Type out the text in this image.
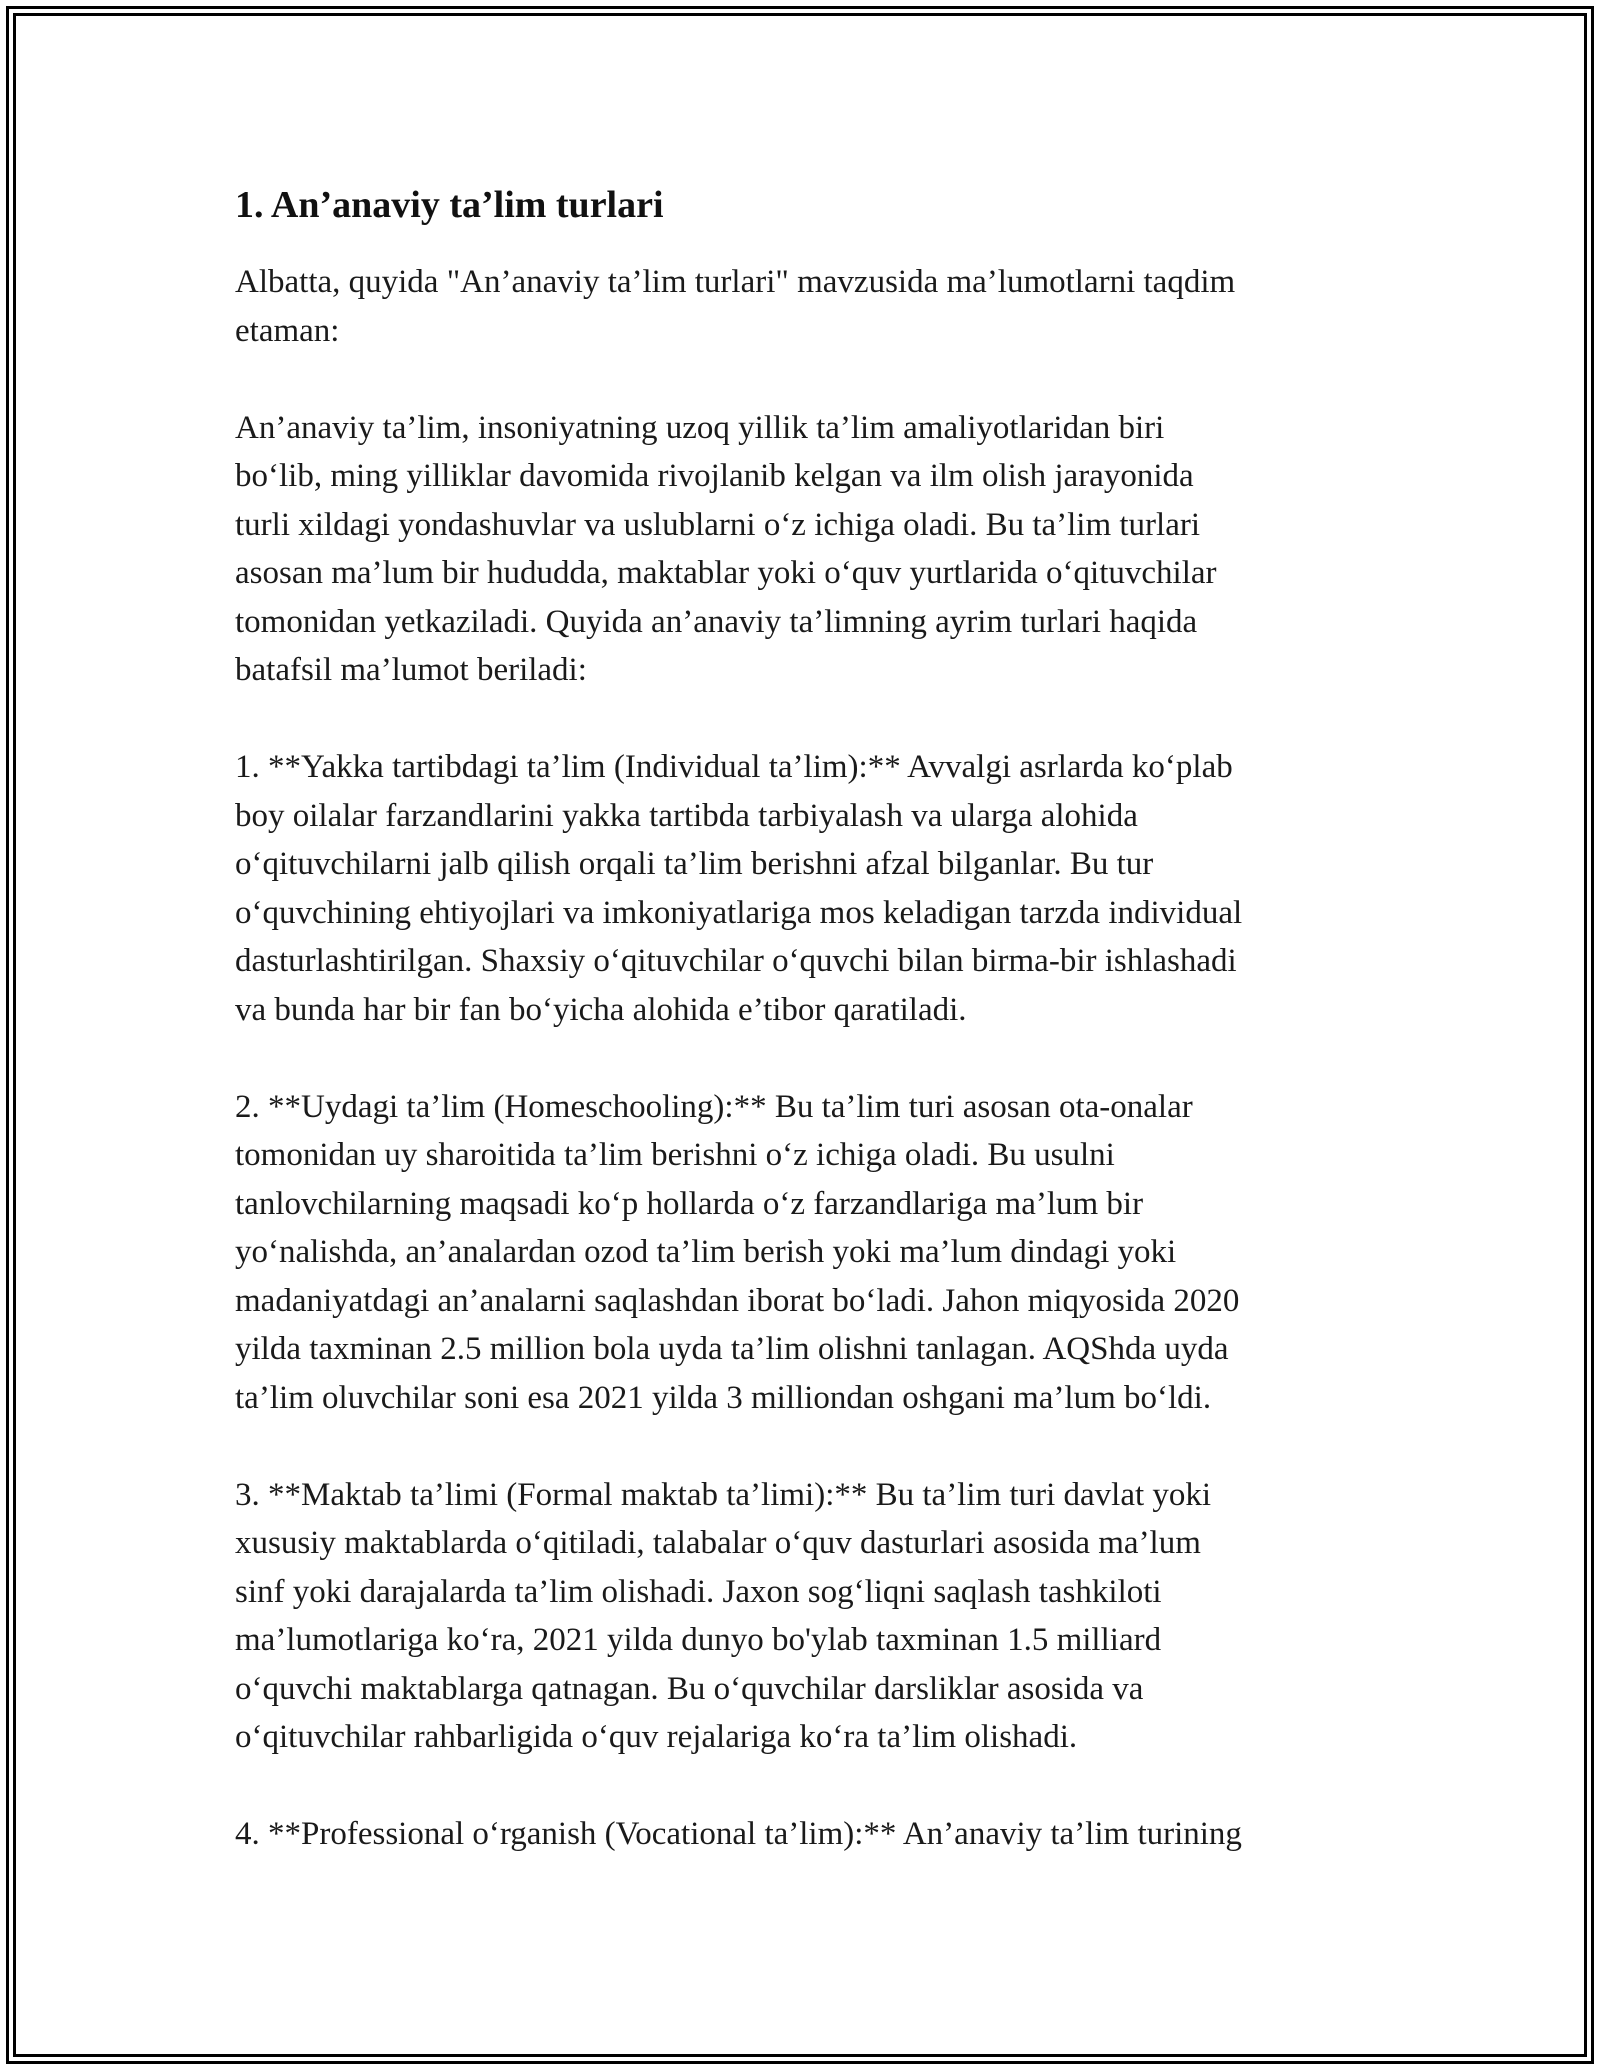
1. An’anaviy ta’lim turlari
Albatta, quyida "An’anaviy ta’lim turlari" mavzusida ma’lumotlarni taqdim
etaman:
An’anaviy ta’lim, insoniyatning uzoq yillik ta’lim amaliyotlaridan biri
bo‘lib, ming yilliklar davomida rivojlanib kelgan va ilm olish jarayonida
turli xildagi yondashuvlar va uslublarni o‘z ichiga oladi. Bu ta’lim turlari
asosan ma’lum bir hududda, maktablar yoki o‘quv yurtlarida o‘qituvchilar
tomonidan yetkaziladi. Quyida an’anaviy ta’limning ayrim turlari haqida
batafsil ma’lumot beriladi:
1. **Yakka tartibdagi ta’lim (Individual ta’lim):** Avvalgi asrlarda ko‘plab
boy oilalar farzandlarini yakka tartibda tarbiyalash va ularga alohida
o‘qituvchilarni jalb qilish orqali ta’lim berishni afzal bilganlar. Bu tur
o‘quvchining ehtiyojlari va imkoniyatlariga mos keladigan tarzda individual
dasturlashtirilgan. Shaxsiy o‘qituvchilar o‘quvchi bilan birma-bir ishlashadi
va bunda har bir fan bo‘yicha alohida e’tibor qaratiladi.
2. **Uydagi ta’lim (Homeschooling):** Bu ta’lim turi asosan ota-onalar
tomonidan uy sharoitida ta’lim berishni o‘z ichiga oladi. Bu usulni
tanlovchilarning maqsadi ko‘p hollarda o‘z farzandlariga ma’lum bir
yo‘nalishda, an’analardan ozod ta’lim berish yoki ma’lum dindagi yoki
madaniyatdagi an’analarni saqlashdan iborat bo‘ladi. Jahon miqyosida 2020
yilda taxminan 2.5 million bola uyda ta’lim olishni tanlagan. AQShda uyda
ta’lim oluvchilar soni esa 2021 yilda 3 milliondan oshgani ma’lum bo‘ldi.
3. **Maktab ta’limi (Formal maktab ta’limi):** Bu ta’lim turi davlat yoki
xususiy maktablarda o‘qitiladi, talabalar o‘quv dasturlari asosida ma’lum
sinf yoki darajalarda ta’lim olishadi. Jaxon sog‘liqni saqlash tashkiloti
ma’lumotlariga ko‘ra, 2021 yilda dunyo bo'ylab taxminan 1.5 milliard
o‘quvchi maktablarga qatnagan. Bu o‘quvchilar darsliklar asosida va
o‘qituvchilar rahbarligida o‘quv rejalariga ko‘ra ta’lim olishadi.
4. **Professional o‘rganish (Vocational ta’lim):** An’anaviy ta’lim turining
